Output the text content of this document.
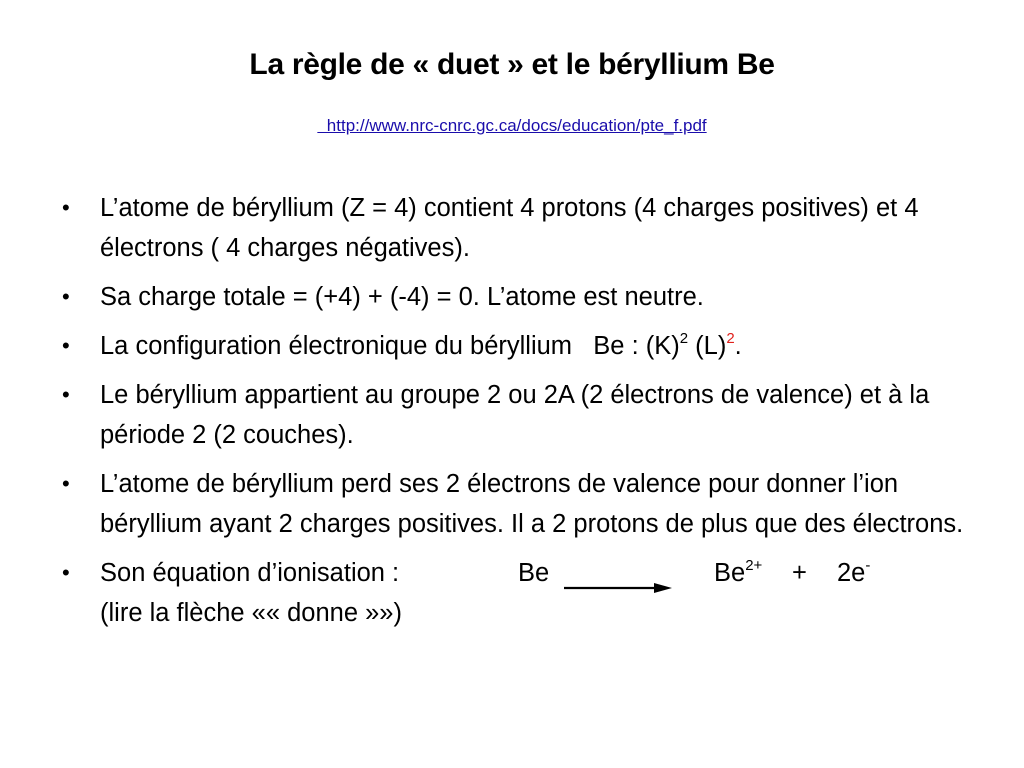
La règle de « duet » et le béryllium Be
http://www.nrc-cnrc.gc.ca/docs/education/pte_f.pdf
• L’atome de béryllium (Z = 4) contient 4 protons (4 charges positives) et 4 électrons ( 4 charges négatives).
• Sa charge totale = (+4) + (-4) = 0. L’atome est neutre.
• La configuration électronique du béryllium   Be : $(K)^2$ $(L)^2$.
• Le béryllium appartient au groupe 2 ou 2A (2 électrons de valence) et à la période 2 (2 couches).
• L’atome de béryllium perd ses 2 électrons de valence pour donner l’ion béryllium ayant 2 charges positives. Il a 2 protons de plus que des électrons.
• Son équation d’ionisation :	Be	$Be^{2+} + 2e^-$
(lire la flèche «« donne »»)
